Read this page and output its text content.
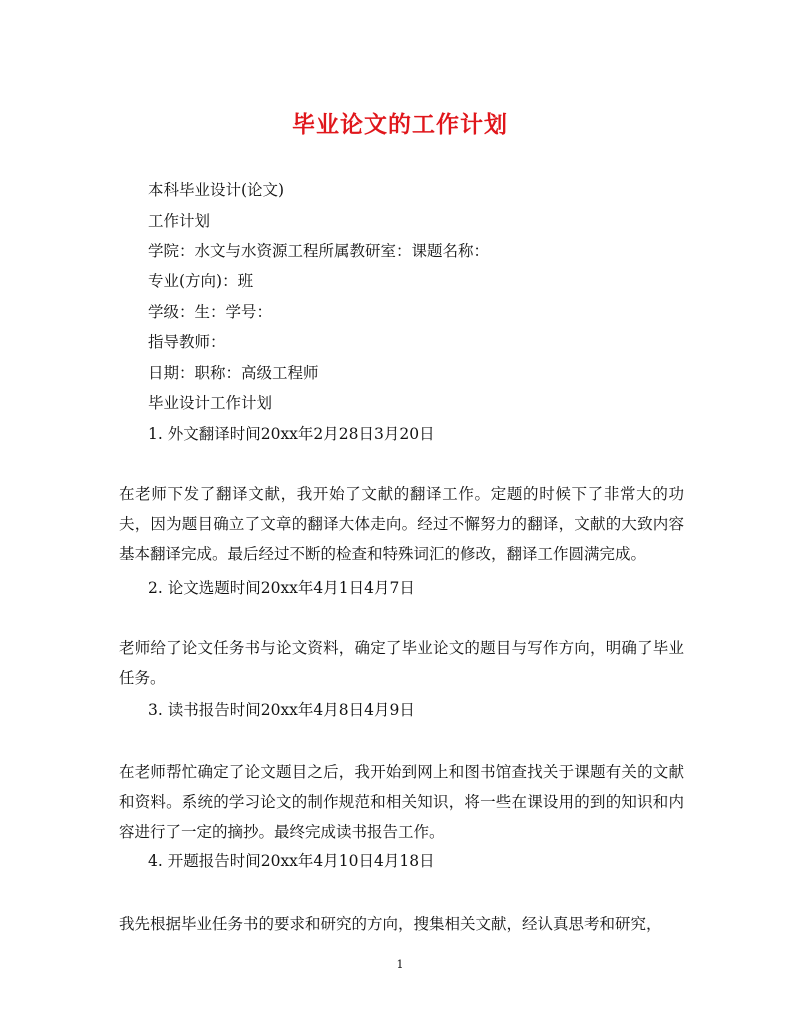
毕业论文的工作计划
本科毕业设计(论文)
工作计划
学院：水文与水资源工程所属教研室：课题名称：
专业(方向)：班
学级：生：学号：
指导教师：
日期：职称：高级工程师
毕业设计工作计划
1. 外文翻译时间20xx年2月28日3月20日
在老师下发了翻译文献，我开始了文献的翻译工作。定题的时候下了非常大的功夫，因为题目确立了文章的翻译大体走向。经过不懈努力的翻译，文献的大致内容基本翻译完成。最后经过不断的检查和特殊词汇的修改，翻译工作圆满完成。
2. 论文选题时间20xx年4月1日4月7日
老师给了论文任务书与论文资料，确定了毕业论文的题目与写作方向，明确了毕业任务。
3. 读书报告时间20xx年4月8日4月9日
在老师帮忙确定了论文题目之后，我开始到网上和图书馆查找关于课题有关的文献和资料。系统的学习论文的制作规范和相关知识，将一些在课设用的到的知识和内容进行了一定的摘抄。最终完成读书报告工作。
4. 开题报告时间20xx年4月10日4月18日
我先根据毕业任务书的要求和研究的方向，搜集相关文献，经认真思考和研究，
1
